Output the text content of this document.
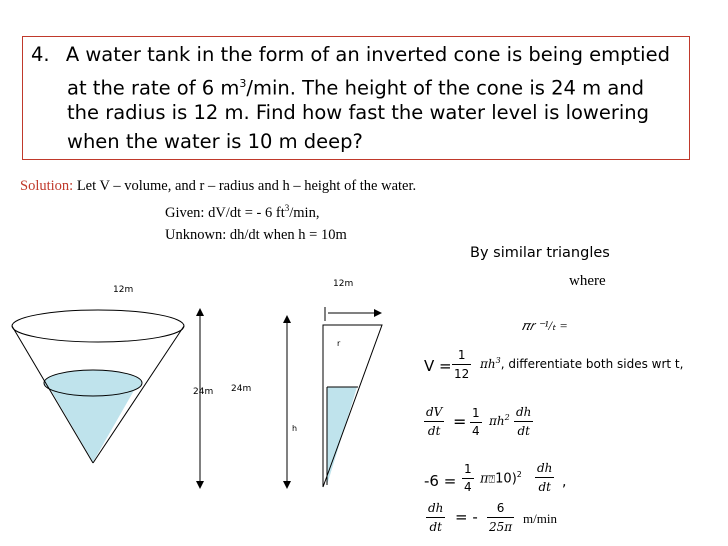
4. A water tank in the form of an inverted cone is being emptied
at the rate of 6 $m^3/\min$. The height of the cone is 24 m and
the radius is 12 m. Find how fast the water level is lowering
when the water is 10 m deep?
Solution: Let V – volume, and r – radius and h – height of the water.
Given: dV/dt = - 6 $ft^3/\min$,
Unknown: dh/dt when h = 10m
By similar triangles
where
𝜋𝑟 ⁻¹/ₜ =
12m
24m
12m
24m
r
h
$V = \frac{1}{12}$ 𝜋ℎ$^3$, differentiate both sides wrt t,
𝑑𝑉
𝑑𝑡 = $\frac{1}{4}$ 𝜋ℎ$^2$ 𝑑ℎ
𝑑𝑡
$-6 = \frac{1}{4}$ 𝜋⍰10)$^2$ 𝑑ℎ
𝑑𝑡 ,
𝑑ℎ
𝑑𝑡
= -	6
25𝜋
m/min
